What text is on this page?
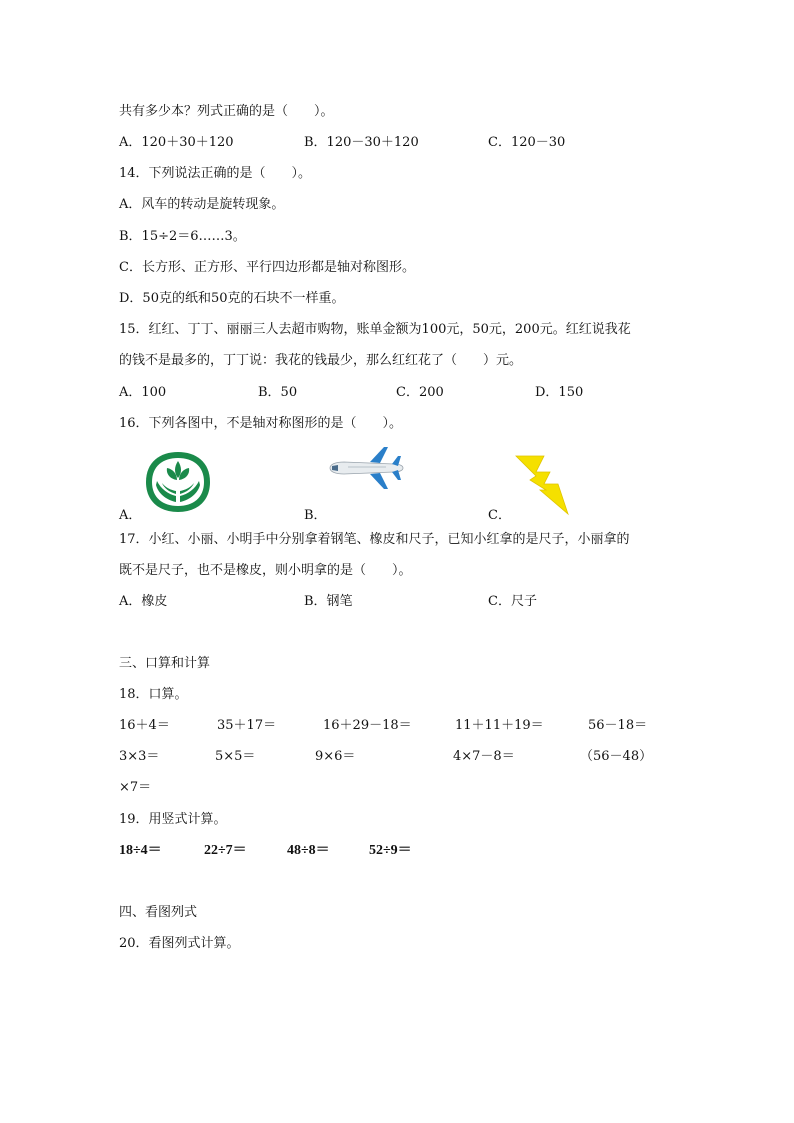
共有多少本？列式正确的是（　　）。
A．120＋30＋120	B．120－30＋120	C．120－30
14．下列说法正确的是（　　）。
A．风车的转动是旋转现象。
B．15÷2＝6……3。
C．长方形、正方形、平行四边形都是轴对称图形。
D．50克的纸和50克的石块不一样重。
15．红红、丁丁、丽丽三人去超市购物，账单金额为100元，50元，200元。红红说我花
的钱不是最多的，丁丁说：我花的钱最少，那么红红花了（　　）元。
A．100	B．50	C．200	D．150
16．下列各图中，不是轴对称图形的是（　　）。
A．	B．	C．
17．小红、小丽、小明手中分别拿着钢笔、橡皮和尺子，已知小红拿的是尺子，小丽拿的
既不是尺子，也不是橡皮，则小明拿的是（　　）。
A．橡皮	B．钢笔	C．尺子
三、口算和计算
18．口算。
16＋4＝	35＋17＝	16＋29－18＝	11＋11＋19＝	56－18＝
3×3＝	5×5＝	9×6＝	4×7－8＝	（56－48）
×7＝
19．用竖式计算。
18÷4＝	22÷7＝	48÷8＝	52÷9＝
四、看图列式
20．看图列式计算。
